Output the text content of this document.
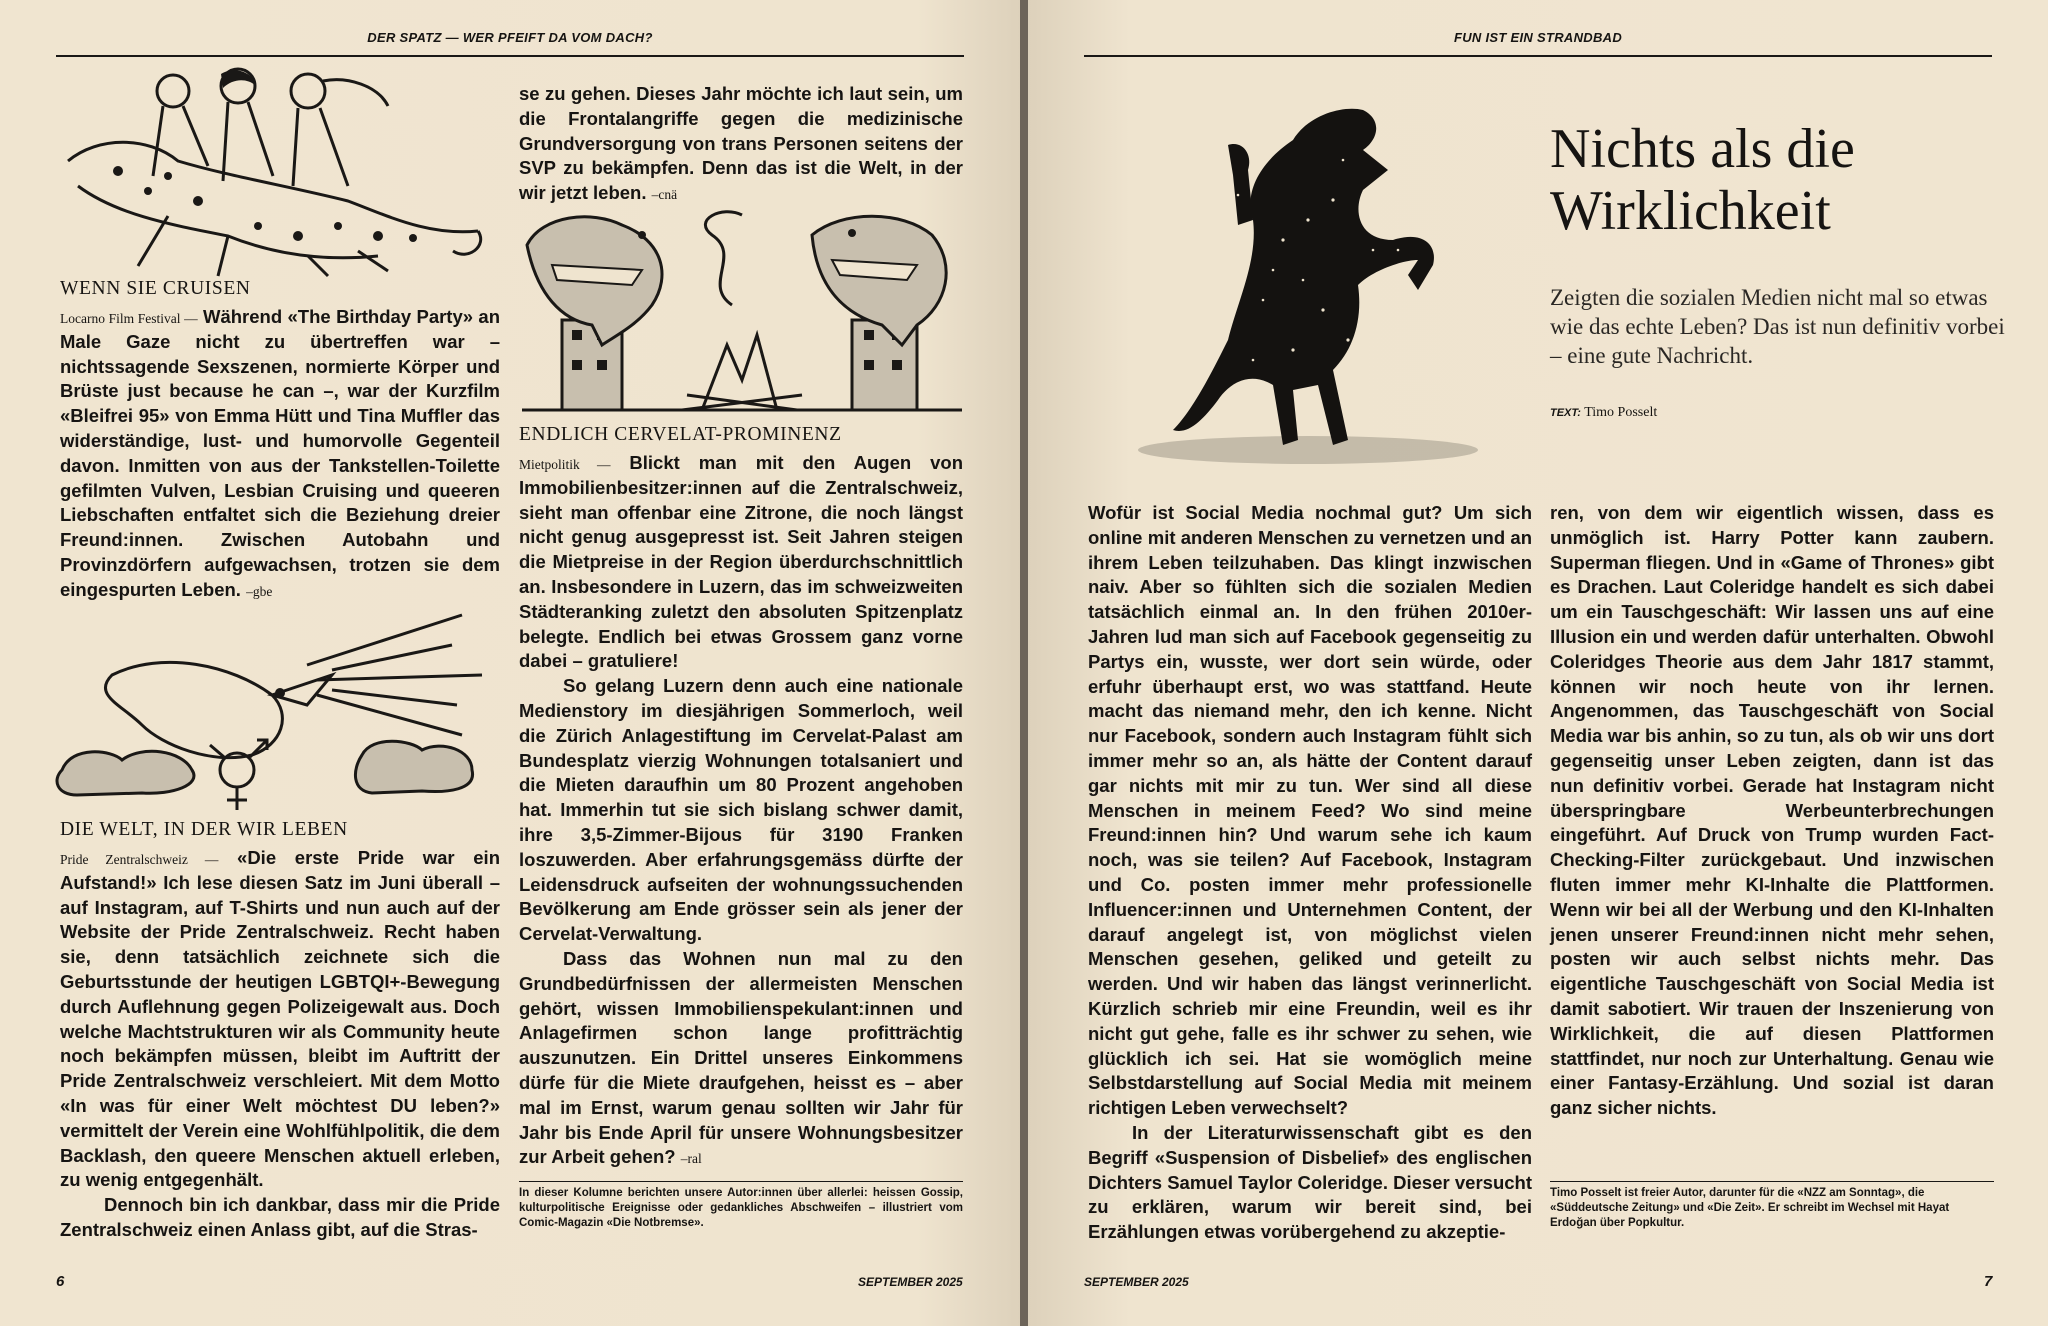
DER SPATZ — WER PFEIFT DA VOM DACH?
WENN SIE CRUISEN

Locarno Film Festival — Während «The Birthday Party» an Male Gaze nicht zu übertreffen war – nichtssagende Sexszenen, normierte Körper und Brüste just because he can –, war der Kurzfilm «Bleifrei 95» von Emma Hütt und Tina Muffler das widerständige, lust- und humorvolle Gegenteil davon. Inmitten von aus der Tankstellen-Toilette gefilmten Vulven, Lesbian Cruising und queeren Liebschaften entfaltet sich die Beziehung dreier Freund:innen. Zwischen Autobahn und Provinzdörfern aufgewachsen, trotzen sie dem eingespurten Leben. –gbe

DIE WELT, IN DER WIR LEBEN

Pride Zentralschweiz — «Die erste Pride war ein Aufstand!» Ich lese diesen Satz im Juni überall – auf Instagram, auf T-Shirts und nun auch auf der Website der Pride Zentralschweiz. Recht haben sie, denn tatsächlich zeichnete sich die Geburtsstunde der heutigen LGBTQI+-Bewegung durch Auflehnung gegen Polizeigewalt aus. Doch welche Machtstrukturen wir als Community heute noch bekämpfen müssen, bleibt im Auftritt der Pride Zentralschweiz verschleiert. Mit dem Motto «In was für einer Welt möchtest DU leben?» vermittelt der Verein eine Wohlfühlpolitik, die dem Backlash, den queere Menschen aktuell erleben, zu wenig entgegenhält.

Dennoch bin ich dankbar, dass mir die Pride Zentralschweiz einen Anlass gibt, auf die Stras-

se zu gehen. Dieses Jahr möchte ich laut sein, um die Frontalangriffe gegen die medizinische Grundversorgung von trans Personen seitens der SVP zu bekämpfen. Denn das ist die Welt, in der wir jetzt leben. –cnä

ENDLICH CERVELAT-PROMINENZ

Mietpolitik — Blickt man mit den Augen von Immobilienbesitzer:innen auf die Zentralschweiz, sieht man offenbar eine Zitrone, die noch längst nicht genug ausgepresst ist. Seit Jahren steigen die Mietpreise in der Region überdurchschnittlich an. Insbesondere in Luzern, das im schweizweiten Städteranking zuletzt den absoluten Spitzenplatz belegte. Endlich bei etwas Grossem ganz vorne dabei – gratuliere!

So gelang Luzern denn auch eine nationale Medienstory im diesjährigen Sommerloch, weil die Zürich Anlagestiftung im Cervelat-Palast am Bundesplatz vierzig Wohnungen totalsaniert und die Mieten daraufhin um 80 Prozent angehoben hat. Immerhin tut sie sich bislang schwer damit, ihre 3,5-Zimmer-Bijous für 3190 Franken loszuwerden. Aber erfahrungsgemäss dürfte der Leidensdruck aufseiten der wohnungssuchenden Bevölkerung am Ende grösser sein als jener der Cervelat-Verwaltung.

Dass das Wohnen nun mal zu den Grundbedürfnissen der allermeisten Menschen gehört, wissen Immobilienspekulant:innen und Anlagefirmen schon lange profitträchtig auszunutzen. Ein Drittel unseres Einkommens dürfe für die Miete draufgehen, heisst es – aber mal im Ernst, warum genau sollten wir Jahr für Jahr bis Ende April für unsere Wohnungsbesitzer zur Arbeit gehen? –ral

In dieser Kolumne berichten unsere Autor:innen über allerlei: heissen Gossip, kulturpolitische Ereignisse oder gedankliches Abschweifen – illustriert vom Comic-Magazin «Die Notbremse».
6	SEPTEMBER 2025
FUN IST EIN STRANDBAD
Nichts als die
Wirklichkeit
Zeigten die sozialen Medien nicht mal so etwas wie das echte Leben? Das ist nun definitiv vorbei – eine gute Nachricht.
TEXT: Timo Posselt

Wofür ist Social Media nochmal gut? Um sich online mit anderen Menschen zu vernetzen und an ihrem Leben teilzuhaben. Das klingt inzwischen naiv. Aber so fühlten sich die sozialen Medien tatsächlich einmal an. In den frühen 2010er-Jahren lud man sich auf Facebook gegenseitig zu Partys ein, wusste, wer dort sein würde, oder erfuhr überhaupt erst, wo was stattfand. Heute macht das niemand mehr, den ich kenne. Nicht nur Facebook, sondern auch Instagram fühlt sich immer mehr so an, als hätte der Content darauf gar nichts mit mir zu tun. Wer sind all diese Menschen in meinem Feed? Wo sind meine Freund:innen hin? Und warum sehe ich kaum noch, was sie teilen? Auf Facebook, Instagram und Co. posten immer mehr professionelle Influencer:innen und Unternehmen Content, der darauf angelegt ist, von möglichst vielen Menschen gesehen, geliked und geteilt zu werden. Und wir haben das längst verinnerlicht. Kürzlich schrieb mir eine Freundin, weil es ihr nicht gut gehe, falle es ihr schwer zu sehen, wie glücklich ich sei. Hat sie womöglich meine Selbstdarstellung auf Social Media mit meinem richtigen Leben verwechselt?

In der Literaturwissenschaft gibt es den Begriff «Suspension of Disbelief» des englischen Dichters Samuel Taylor Coleridge. Dieser versucht zu erklären, warum wir bereit sind, bei Erzählungen etwas vorübergehend zu akzeptie-

ren, von dem wir eigentlich wissen, dass es unmöglich ist. Harry Potter kann zaubern. Superman fliegen. Und in «Game of Thrones» gibt es Drachen. Laut Coleridge handelt es sich dabei um ein Tauschgeschäft: Wir lassen uns auf eine Illusion ein und werden dafür unterhalten. Obwohl Coleridges Theorie aus dem Jahr 1817 stammt, können wir noch heute von ihr lernen. Angenommen, das Tauschgeschäft von Social Media war bis anhin, so zu tun, als ob wir uns dort gegenseitig unser Leben zeigten, dann ist das nun definitiv vorbei. Gerade hat Instagram nicht überspringbare Werbeunterbrechungen eingeführt. Auf Druck von Trump wurden Fact-Checking-Filter zurückgebaut. Und inzwischen fluten immer mehr KI-Inhalte die Plattformen. Wenn wir bei all der Werbung und den KI-Inhalten jenen unserer Freund:innen nicht mehr sehen, posten wir auch selbst nichts mehr. Das eigentliche Tauschgeschäft von Social Media ist damit sabotiert. Wir trauen der Inszenierung von Wirklichkeit, die auf diesen Plattformen stattfindet, nur noch zur Unterhaltung. Genau wie einer Fantasy-Erzählung. Und sozial ist daran ganz sicher nichts.

Timo Posselt ist freier Autor, darunter für die «NZZ am Sonntag», die «Süddeutsche Zeitung» und «Die Zeit». Er schreibt im Wechsel mit Hayat Erdoğan über Popkultur.
SEPTEMBER 2025	7
